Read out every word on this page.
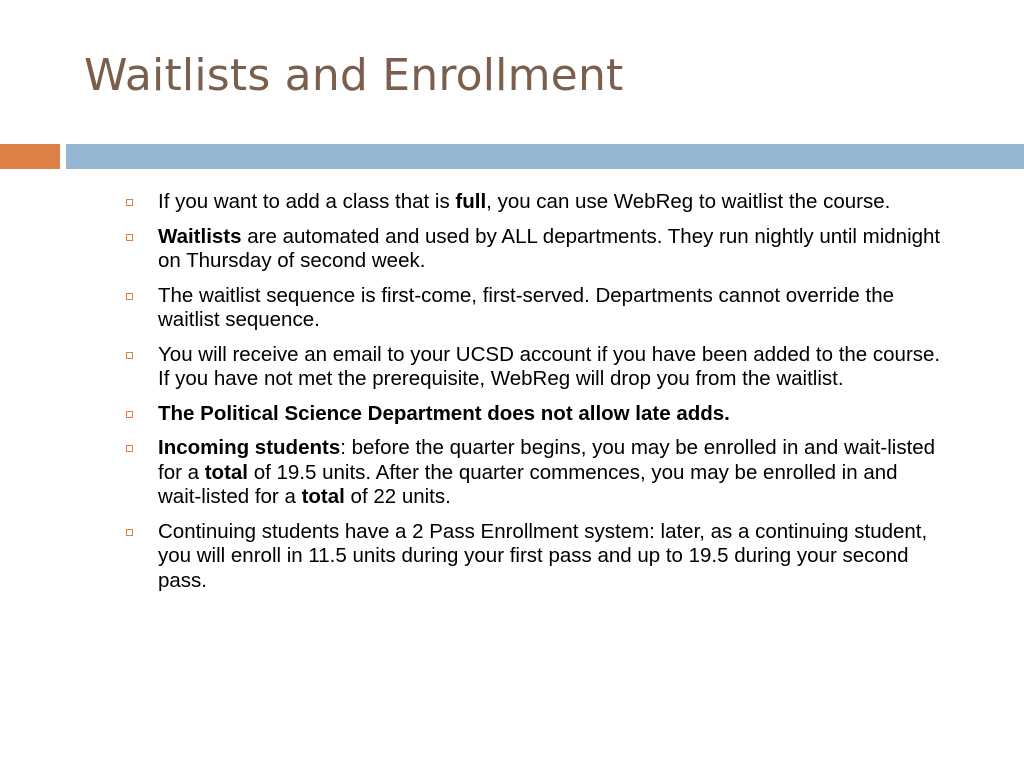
Waitlists and Enrollment
If you want to add a class that is full, you can use WebReg to waitlist the course.
Waitlists are automated and used by ALL departments. They run nightly until midnight on Thursday of second week.
The waitlist sequence is first-come, first-served. Departments cannot override the waitlist sequence.
You will receive an email to your UCSD account if you have been added to the course. If you have not met the prerequisite, WebReg will drop you from the waitlist.
The Political Science Department does not allow late adds.
Incoming students: before the quarter begins, you may be enrolled in and wait-listed for a total of 19.5 units. After the quarter commences, you may be enrolled in and wait-listed for a total of 22 units.
Continuing students have a 2 Pass Enrollment system: later, as a continuing student, you will enroll in 11.5 units during your first pass and up to 19.5 during your second pass.
